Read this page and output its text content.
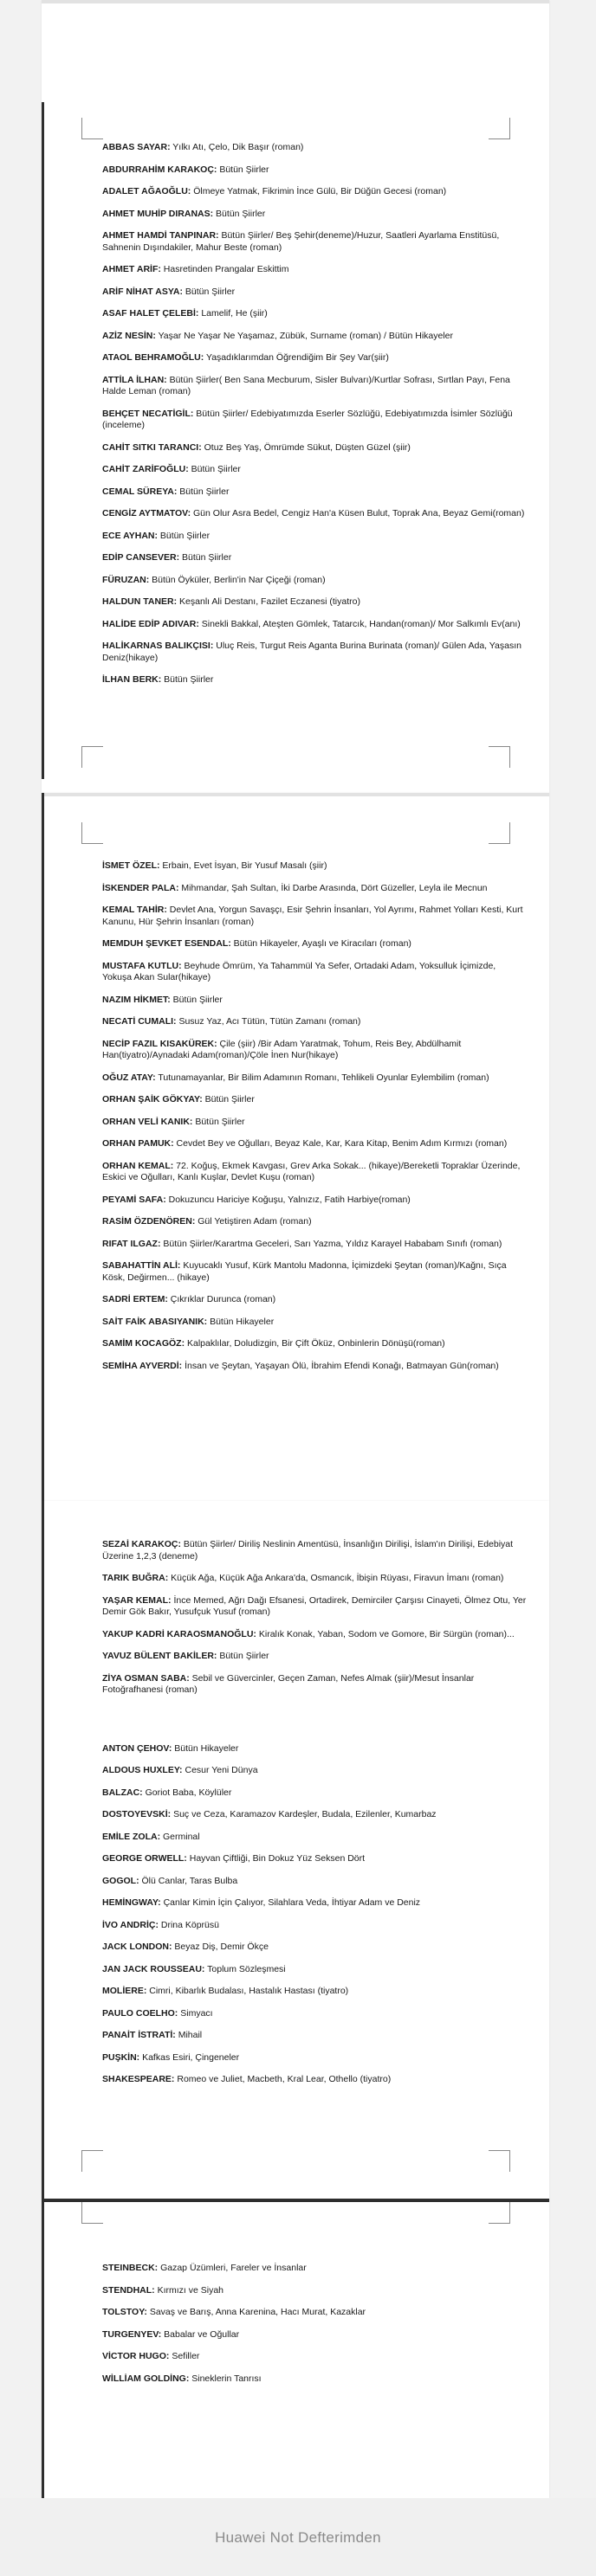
ABBAS SAYAR: Yılkı Atı, Çelo, Dik Başır (roman)

ABDURRAHİM KARAKOÇ: Bütün Şiirler

ADALET AĞAOĞLU: Ölmeye Yatmak, Fikrimin İnce Gülü, Bir Düğün Gecesi (roman)

AHMET MUHİP DIRANAS: Bütün Şiirler

AHMET HAMDİ TANPINAR: Bütün Şiirler/ Beş Şehir(deneme)/Huzur, Saatleri Ayarlama Enstitüsü, Sahnenin Dışındakiler, Mahur Beste (roman)

AHMET ARİF: Hasretinden Prangalar Eskittim

ARİF NİHAT ASYA: Bütün Şiirler

ASAF HALET ÇELEBİ: Lamelif, He (şiir)

AZİZ NESİN: Yaşar Ne Yaşar Ne Yaşamaz, Zübük, Surname (roman) / Bütün Hikayeler

ATAOL BEHRAMOĞLU: Yaşadıklarımdan Öğrendiğim Bir Şey Var(şiir)

ATTİLA İLHAN: Bütün Şiirler( Ben Sana Mecburum, Sisler Bulvarı)/Kurtlar Sofrası, Sırtlan Payı, Fena Halde Leman (roman)

BEHÇET NECATİGİL: Bütün Şiirler/ Edebiyatımızda Eserler Sözlüğü, Edebiyatımızda İsimler Sözlüğü (inceleme)

CAHİT SITKI TARANCI: Otuz Beş Yaş, Ömrümde Sükut, Düşten Güzel (şiir)

CAHİT ZARİFOĞLU: Bütün Şiirler

CEMAL SÜREYA: Bütün Şiirler

CENGİZ AYTMATOV: Gün Olur Asra Bedel, Cengiz Han'a Küsen Bulut, Toprak Ana, Beyaz Gemi(roman)

ECE AYHAN: Bütün Şiirler

EDİP CANSEVER: Bütün Şiirler

FÜRUZAN: Bütün Öyküler, Berlin'in Nar Çiçeği (roman)

HALDUN TANER: Keşanlı Ali Destanı, Fazilet Eczanesi (tiyatro)

HALİDE EDİP ADIVAR: Sinekli Bakkal, Ateşten Gömlek, Tatarcık, Handan(roman)/ Mor Salkımlı Ev(anı)

HALİKARNAS BALIKÇISI: Uluç Reis, Turgut Reis Aganta Burina Burinata (roman)/ Gülen Ada, Yaşasın Deniz(hikaye)

İLHAN BERK: Bütün Şiirler

İSMET ÖZEL: Erbain, Evet İsyan, Bir Yusuf Masalı (şiir)

İSKENDER PALA: Mihmandar, Şah Sultan, İki Darbe Arasında, Dört Güzeller, Leyla ile Mecnun

KEMAL TAHİR: Devlet Ana, Yorgun Savaşçı, Esir Şehrin İnsanları, Yol Ayrımı, Rahmet Yolları Kesti, Kurt Kanunu, Hür Şehrin İnsanları (roman)

MEMDUH ŞEVKET ESENDAL: Bütün Hikayeler, Ayaşlı ve Kiracıları (roman)

MUSTAFA KUTLU: Beyhude Ömrüm, Ya Tahammül Ya Sefer, Ortadaki Adam, Yoksulluk İçimizde, Yokuşa Akan Sular(hikaye)

NAZIM HİKMET: Bütün Şiirler

NECATİ CUMALI: Susuz Yaz, Acı Tütün, Tütün Zamanı (roman)

NECİP FAZIL KISAKÜREK: Çile (şiir) /Bir Adam Yaratmak, Tohum, Reis Bey, Abdülhamit Han(tiyatro)/Aynadaki Adam(roman)/Çöle İnen Nur(hikaye)

OĞUZ ATAY: Tutunamayanlar, Bir Bilim Adamının Romanı, Tehlikeli Oyunlar Eylembilim (roman)

ORHAN ŞAİK GÖKYAY: Bütün Şiirler

ORHAN VELİ KANIK: Bütün Şiirler

ORHAN PAMUK: Cevdet Bey ve Oğulları, Beyaz Kale, Kar, Kara Kitap, Benim Adım Kırmızı (roman)

ORHAN KEMAL: 72. Koğuş, Ekmek Kavgası, Grev Arka Sokak... (hikaye)/Bereketli Topraklar Üzerinde, Eskici ve Oğulları, Kanlı Kuşlar, Devlet Kuşu (roman)

PEYAMİ SAFA: Dokuzuncu Hariciye Koğuşu, Yalnızız, Fatih Harbiye(roman)

RASİM ÖZDENÖREN: Gül Yetiştiren Adam (roman)

RIFAT ILGAZ: Bütün Şiirler/Karartma Geceleri, Sarı Yazma, Yıldız Karayel Hababam Sınıfı (roman)

SABAHATTİN ALİ: Kuyucaklı Yusuf, Kürk Mantolu Madonna, İçimizdeki Şeytan (roman)/Kağnı, Sıça Kösk, Değirmen... (hikaye)

SADRİ ERTEM: Çıkrıklar Durunca (roman)

SAİT FAİK ABASIYANIK: Bütün Hikayeler

SAMİM KOCAGÖZ: Kalpaklılar, Doludizgin, Bir Çift Öküz, Onbinlerin Dönüşü(roman)

SEMİHA AYVERDİ: İnsan ve Şeytan, Yaşayan Ölü, İbrahim Efendi Konağı, Batmayan Gün(roman)

SEZAİ KARAKOÇ: Bütün Şiirler/ Diriliş Neslinin Amentüsü, İnsanlığın Dirilişi, İslam'ın Dirilişi, Edebiyat Üzerine 1,2,3 (deneme)

TARIK BUĞRA: Küçük Ağa, Küçük Ağa Ankara'da, Osmancık, İbişin Rüyası, Firavun İmanı (roman)

YAŞAR KEMAL: İnce Memed, Ağrı Dağı Efsanesi, Ortadirek, Demirciler Çarşısı Cinayeti, Ölmez Otu, Yer Demir Gök Bakır, Yusufçuk Yusuf (roman)

YAKUP KADRİ KARAOSMANOĞLU: Kiralık Konak, Yaban, Sodom ve Gomore, Bir Sürgün (roman)...

YAVUZ BÜLENT BAKİLER: Bütün Şiirler

ZİYA OSMAN SABA: Sebil ve Güvercinler, Geçen Zaman, Nefes Almak (şiir)/Mesut İnsanlar Fotoğrafhanesi (roman)

ANTON ÇEHOV: Bütün Hikayeler

ALDOUS HUXLEY: Cesur Yeni Dünya

BALZAC: Goriot Baba, Köylüler

DOSTOYEVSKİ: Suç ve Ceza, Karamazov Kardeşler, Budala, Ezilenler, Kumarbaz

EMİLE ZOLA: Germinal

GEORGE ORWELL: Hayvan Çiftliği, Bin Dokuz Yüz Seksen Dört

GOGOL: Ölü Canlar, Taras Bulba

HEMİNGWAY: Çanlar Kimin İçin Çalıyor, Silahlara Veda, İhtiyar Adam ve Deniz

İVO ANDRİÇ: Drina Köprüsü

JACK LONDON: Beyaz Diş, Demir Ökçe

JAN JACK ROUSSEAU: Toplum Sözleşmesi

MOLİERE: Cimri, Kibarlık Budalası, Hastalık Hastası (tiyatro)

PAULO COELHO: Simyacı

PANAİT İSTRATİ: Mihail

PUŞKİN: Kafkas Esiri, Çingeneler

SHAKESPEARE: Romeo ve Juliet, Macbeth, Kral Lear, Othello (tiyatro)

STEINBECK: Gazap Üzümleri, Fareler ve İnsanlar

STENDHAL: Kırmızı ve Siyah

TOLSTOY: Savaş ve Barış, Anna Karenina, Hacı Murat, Kazaklar

TURGENYEV: Babalar ve Oğullar

VİCTOR HUGO: Sefiller

WİLLİAM GOLDİNG: Sineklerin Tanrısı

Huawei Not Defterimden
